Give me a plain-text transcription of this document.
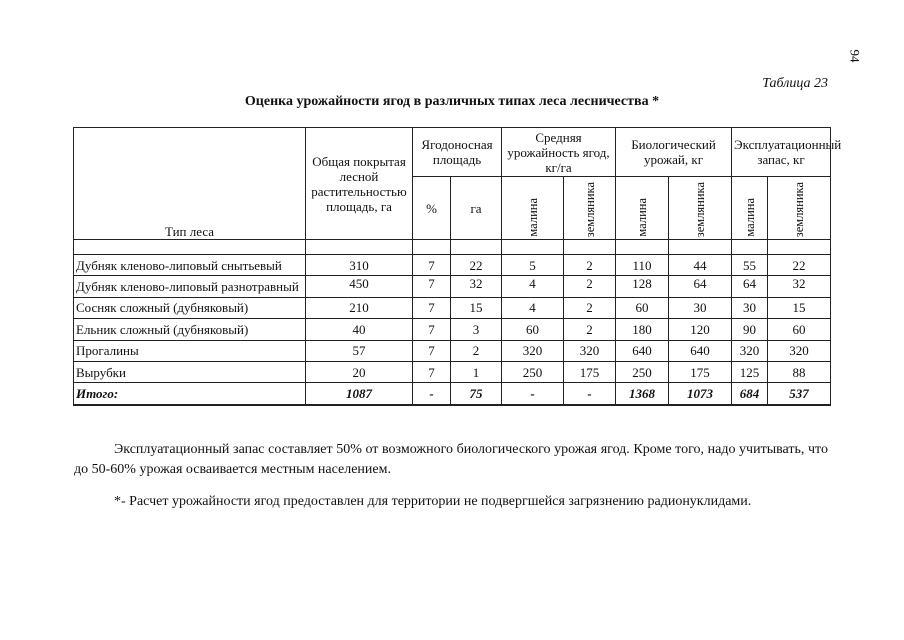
94
Таблица 23
Оценка урожайности ягод в различных типах леса лесничества *
Тип леса	Общая покрытая лесной растительностью площадь, га	Ягодоносная площадь		Средняя урожайность ягод, кг/га		Биологический урожай, кг		Эксплуатационный запас, кг	
		%	га	малина	земляника	малина	земляника	малина	земляника

Дубняк кленово-липовый снытьевый	310	7	22	5	2	110	44	55	22
Дубняк кленово-липовый разнотравный	450	7	32	4	2	128	64	64	32
Сосняк сложный (дубняковый)	210	7	15	4	2	60	30	30	15
Ельник сложный (дубняковый)	40	7	3	60	2	180	120	90	60
Прогалины	57	7	2	320	320	640	640	320	320
Вырубки	20	7	1	250	175	250	175	125	88
Итого:	1087	-	75	-	-	1368	1073	684	537

Эксплуатационный запас составляет 50% от возможного биологического урожая ягод. Кроме того, надо учитывать, что до 50-60% урожая осваивается местным населением.
*- Расчет урожайности ягод предоставлен для территории не подвергшейся загрязнению радионуклидами.
